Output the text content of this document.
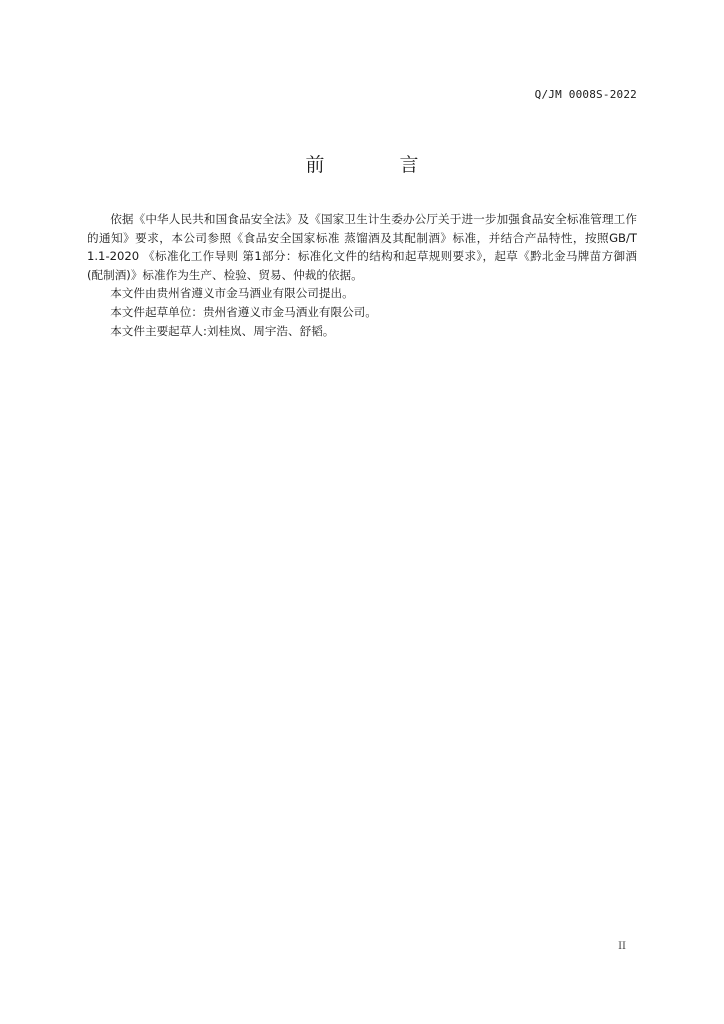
Q/JM 0008S-2022
前　言

依据《中华人民共和国食品安全法》及《国家卫生计生委办公厅关于进一步加强食品安全标准管理工作的通知》要求，本公司参照《食品安全国家标准 蒸馏酒及其配制酒》标准，并结合产品特性，按照GB/T 1.1-2020 《标准化工作导则 第1部分：标准化文件的结构和起草规则要求》，起草《黔北金马牌苗方御酒(配制酒)》标准作为生产、检验、贸易、仲裁的依据。

本文件由贵州省遵义市金马酒业有限公司提出。

本文件起草单位：贵州省遵义市金马酒业有限公司。

本文件主要起草人:刘桂岚、周宇浩、舒韬。

II
